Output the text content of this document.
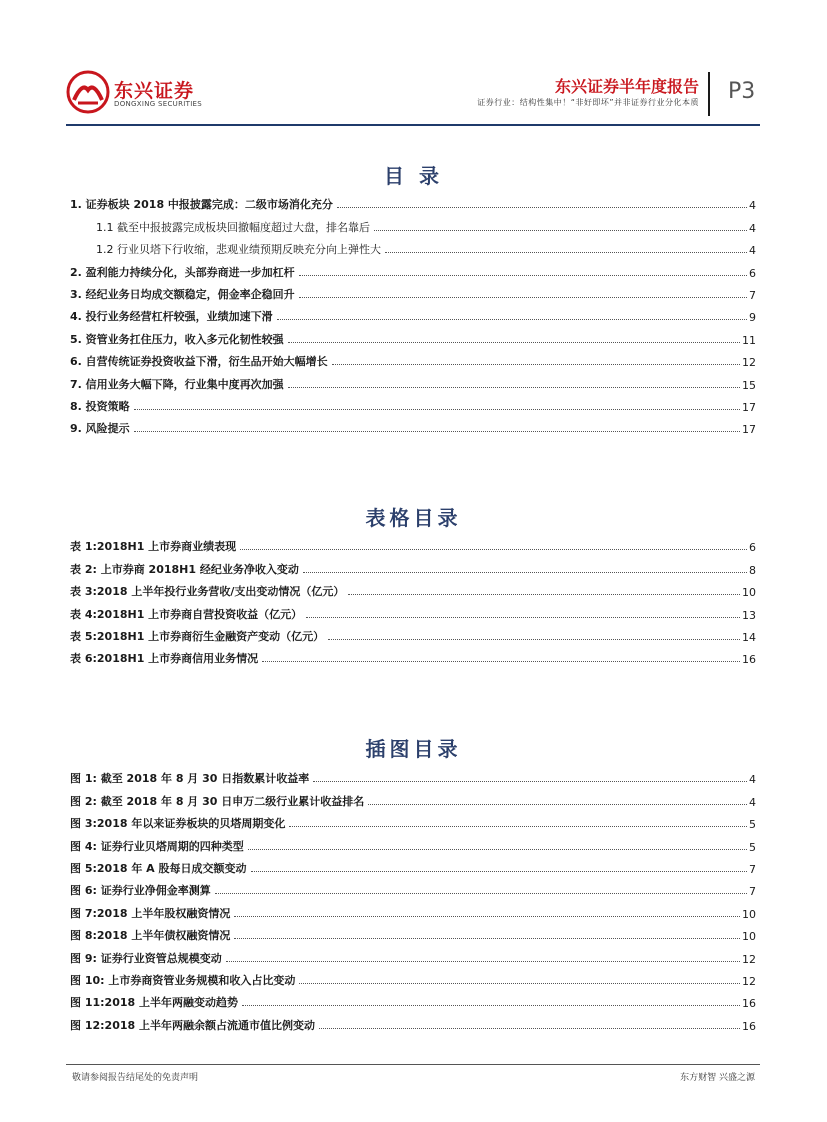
东兴证券
DONGXING SECURITIES
东兴证券半年度报告
证券行业：结构性集中！“非好即坏”并非证券行业分化本质 P3
目 录
1. 证券板块 2018 中报披露完成：二级市场消化充分	4
1.1 截至中报披露完成板块回撤幅度超过大盘，排名靠后	4
1.2 行业贝塔下行收缩，悲观业绩预期反映充分向上弹性大	4
2. 盈利能力持续分化，头部券商进一步加杠杆	6
3. 经纪业务日均成交额稳定，佣金率企稳回升	7
4. 投行业务经营杠杆较强，业绩加速下滑	9
5. 资管业务扛住压力，收入多元化韧性较强	11
6. 自营传统证券投资收益下滑，衍生品开始大幅增长	12
7. 信用业务大幅下降，行业集中度再次加强	15
8. 投资策略	17
9. 风险提示	17
表格目录
表 1:2018H1 上市券商业绩表现	6
表 2: 上市券商 2018H1 经纪业务净收入变动	8
表 3:2018 上半年投行业务营收/支出变动情况（亿元）	10
表 4:2018H1 上市券商自营投资收益（亿元）	13
表 5:2018H1 上市券商衍生金融资产变动（亿元）	14
表 6:2018H1 上市券商信用业务情况	16
插图目录
图 1: 截至 2018 年 8 月 30 日指数累计收益率	4
图 2: 截至 2018 年 8 月 30 日申万二级行业累计收益排名	4
图 3:2018 年以来证券板块的贝塔周期变化	5
图 4: 证券行业贝塔周期的四种类型	5
图 5:2018 年 A 股每日成交额变动	7
图 6: 证券行业净佣金率测算	7
图 7:2018 上半年股权融资情况	10
图 8:2018 上半年债权融资情况	10
图 9: 证券行业资管总规模变动	12
图 10: 上市券商资管业务规模和收入占比变动	12
图 11:2018 上半年两融变动趋势	16
图 12:2018 上半年两融余额占流通市值比例变动	16
敬请参阅报告结尾处的免责声明	东方财智 兴盛之源
